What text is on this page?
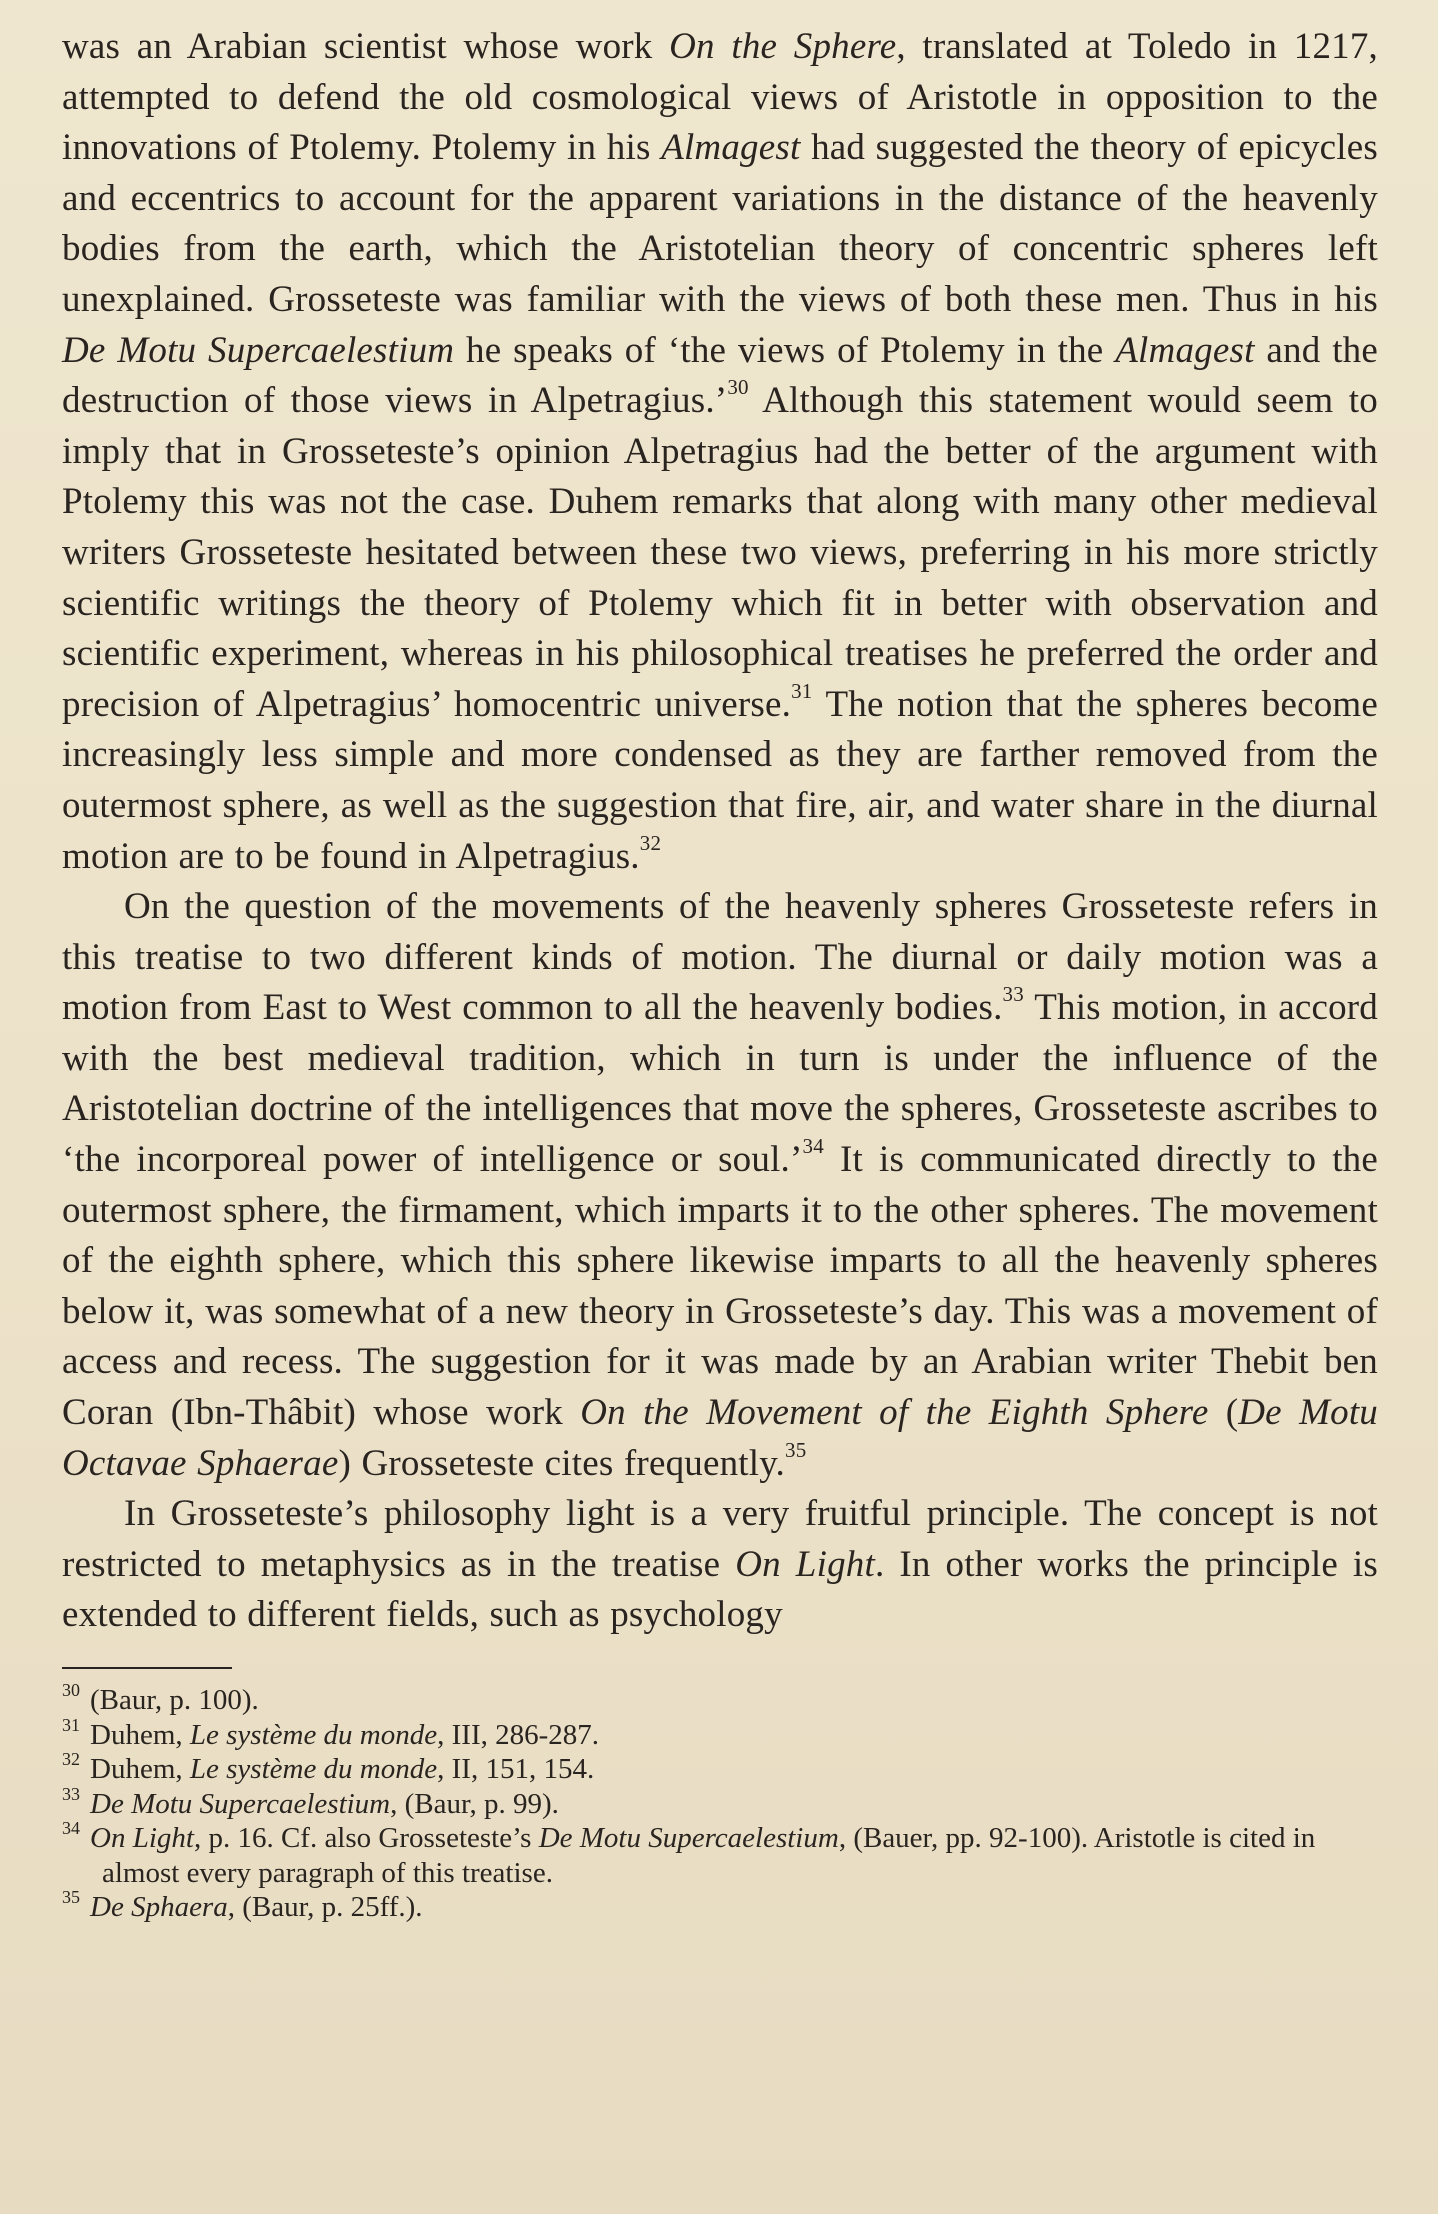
was an Arabian scientist whose work On the Sphere, translated at Toledo in 1217, attempted to defend the old cosmological views of Aristotle in opposition to the innovations of Ptolemy. Ptolemy in his Almagest had suggested the theory of epicycles and eccentrics to account for the apparent variations in the distance of the heavenly bodies from the earth, which the Aristotelian theory of concentric spheres left unexplained. Grosseteste was familiar with the views of both these men. Thus in his De Motu Supercaelestium he speaks of ‘the views of Ptolemy in the Almagest and the destruction of those views in Alpetragius.’$^{30}$ Although this statement would seem to imply that in Grosseteste’s opinion Alpetragius had the better of the argument with Ptolemy this was not the case. Duhem remarks that along with many other medieval writers Grosseteste hesitated between these two views, preferring in his more strictly scientific writings the theory of Ptolemy which fit in better with observation and scientific experiment, whereas in his philosophical treatises he preferred the order and precision of Alpetragius’ homocentric universe.$^{31}$ The notion that the spheres become increasingly less simple and more condensed as they are farther removed from the outermost sphere, as well as the suggestion that fire, air, and water share in the diurnal motion are to be found in Alpetragius.$^{32}$

On the question of the movements of the heavenly spheres Grosseteste refers in this treatise to two different kinds of motion. The diurnal or daily motion was a motion from East to West common to all the heavenly bodies.$^{33}$ This motion, in accord with the best medieval tradition, which in turn is under the influence of the Aristotelian doctrine of the intelligences that move the spheres, Grosseteste ascribes to ‘the incorporeal power of intelligence or soul.’$^{34}$ It is communicated directly to the outermost sphere, the firmament, which imparts it to the other spheres. The movement of the eighth sphere, which this sphere likewise imparts to all the heavenly spheres below it, was somewhat of a new theory in Grosseteste’s day. This was a movement of access and recess. The suggestion for it was made by an Arabian writer Thebit ben Coran (Ibn-Thâbit) whose work On the Movement of the Eighth Sphere (De Motu Octavae Sphaerae) Grosseteste cites frequently.$^{35}$

In Grosseteste’s philosophy light is a very fruitful principle. The concept is not restricted to metaphysics as in the treatise On Light. In other works the principle is extended to different fields, such as psychology

$^{30}$ (Baur, p. 100).

$^{31}$ Duhem, Le système du monde, III, 286-287.

$^{32}$ Duhem, Le système du monde, II, 151, 154.

$^{33}$ De Motu Supercaelestium, (Baur, p. 99).

$^{34}$ On Light, p. 16. Cf. also Grosseteste’s De Motu Supercaelestium, (Bauer, pp. 92-100). Aristotle is cited in almost every paragraph of this treatise.

$^{35}$ De Sphaera, (Baur, p. 25ff.).
